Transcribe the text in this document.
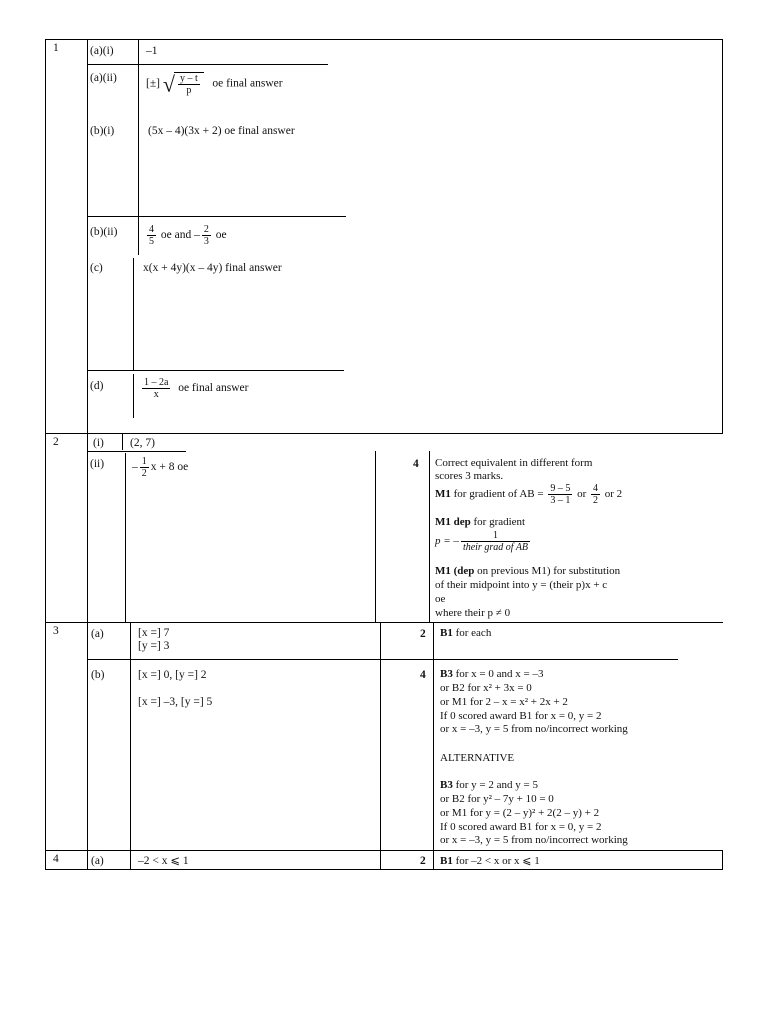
1	(a)(i)	–1
(a)(ii)	[±] √ $\frac{y - t}{p}$ oe final answer
(b)(i)	(5x – 4)(3x + 2) oe final answer
(b)(ii)	$\frac{4}{5}$ oe and – $\frac{2}{3}$ oe
(c)	x(x + 4y)(x – 4y) final answer
(d)	$\frac{1 - 2a}{x}$ oe final answer
2	(i) (2, 7)
$(ii) - \frac{1}{2}$ x + 8 oe	4 Correct equivalent in different form
scores 3 marks.
M1 for gradient of AB = $\frac{9 - 5}{3 - 1}$ or $\frac{4}{2}$ or 2
M1 dep for gradient
p = – $\frac{1}{\text{their grad of AB}}$
M1 (dep on previous M1) for substitution
of their midpoint into y = (their p)x + c
oe
where their p ≠ 0
3	(a)	[x =] 7
[y =] 3
2 B1 for each
(b)	[x =] 0, [y =] 2
[x =] –3, [y =] 5
4 B3 for x = 0 and x = –3
or B2 for x² + 3x = 0
or M1 for 2 – x = x² + 2x + 2
If 0 scored award B1 for x = 0, y = 2
or x = –3, y = 5 from no/incorrect working
ALTERNATIVE
B3 for y = 2 and y = 5
or B2 for y² – 7y + 10 = 0
or M1 for y = (2 – y)² + 2(2 – y) + 2
If 0 scored award B1 for x = 0, y = 2
or x = –3, y = 5 from no/incorrect working
4	(a)	–2 < x ⩽ 1	2 B1 for –2 < x or x ⩽ 1
